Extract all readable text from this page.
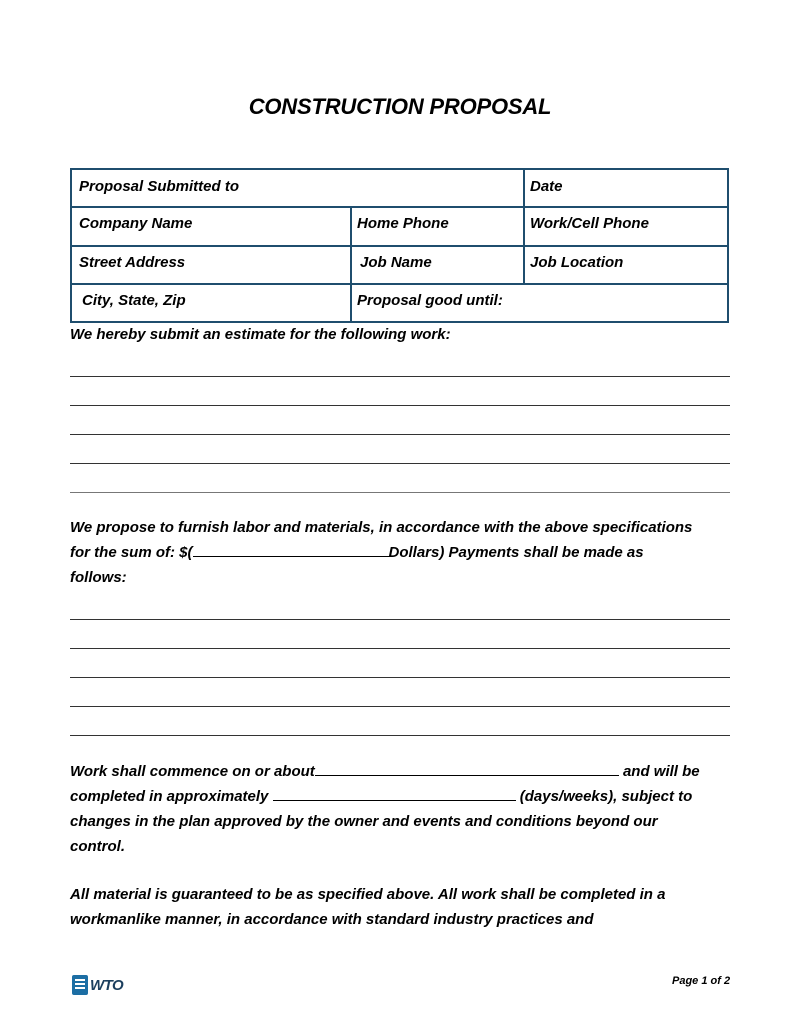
CONSTRUCTION PROPOSAL
Proposal Submitted to	Date
Company Name	Home Phone	Work/Cell Phone
Street Address	Job Name	Job Location
City, State, Zip	Proposal good until:
We hereby submit an estimate for the following work:
We propose to furnish labor and materials, in accordance with the above specifications
for the sum of: $(	Dollars) Payments shall be made as
follows:
Work shall commence on or about	and will be
completed in approximately	(days/weeks), subject to
changes in the plan approved by the owner and events and conditions beyond our
control.
All material is guaranteed to be as specified above. All work shall be completed in a
workmanlike manner, in accordance with standard industry practices and
WTO	Page 1 of 2
